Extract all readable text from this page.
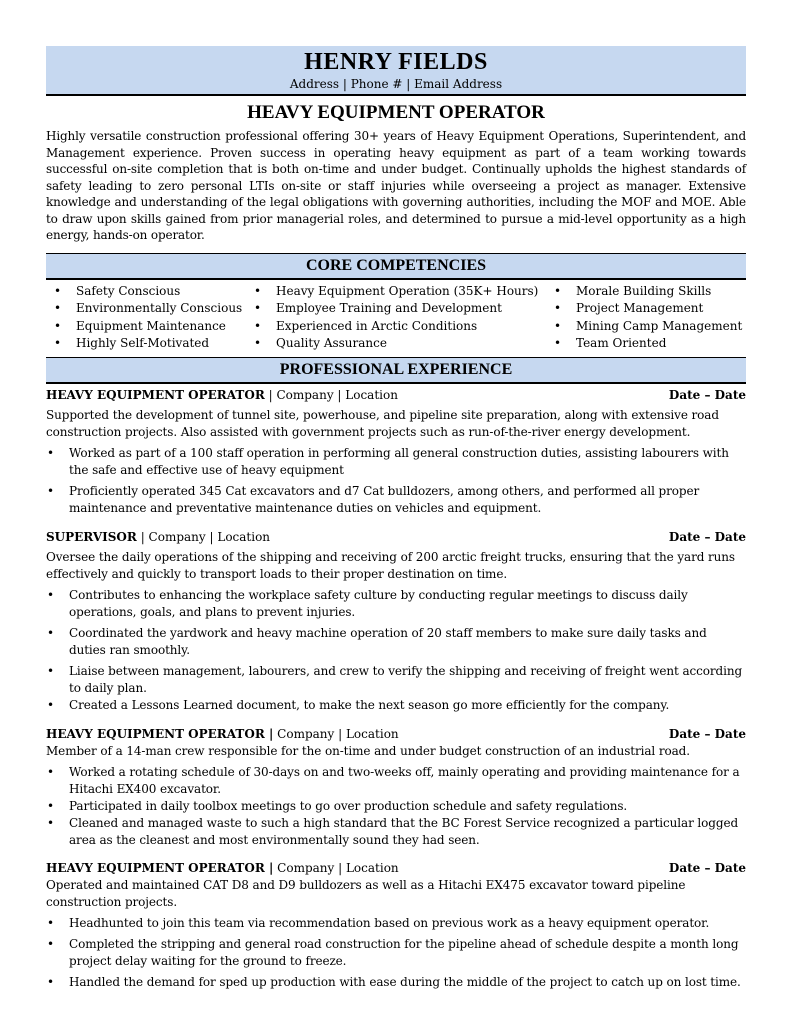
HENRY FIELDS
Address | Phone # | Email Address
HEAVY EQUIPMENT OPERATOR
Highly versatile construction professional offering 30+ years of Heavy Equipment Operations, Superintendent, and Management experience. Proven success in operating heavy equipment as part of a team working towards successful on-site completion that is both on-time and under budget. Continually upholds the highest standards of safety leading to zero personal LTIs on-site or staff injuries while overseeing a project as manager. Extensive knowledge and understanding of the legal obligations with governing authorities, including the MOF and MOE. Able to draw upon skills gained from prior managerial roles, and determined to pursue a mid-level opportunity as a high energy, hands-on operator.
CORE COMPETENCIES
• Safety Conscious
• Environmentally Conscious
• Equipment Maintenance
• Highly Self-Motivated
• Heavy Equipment Operation (35K+ Hours)
• Employee Training and Development
• Experienced in Arctic Conditions
• Quality Assurance
• Morale Building Skills
• Project Management
• Mining Camp Management
• Team Oriented
PROFESSIONAL EXPERIENCE
HEAVY EQUIPMENT OPERATOR | Company | Location	Date – Date
Supported the development of tunnel site, powerhouse, and pipeline site preparation, along with extensive road construction projects. Also assisted with government projects such as run-of-the-river energy development.
• Worked as part of a 100 staff operation in performing all general construction duties, assisting labourers with the safe and effective use of heavy equipment
• Proficiently operated 345 Cat excavators and d7 Cat bulldozers, among others, and performed all proper maintenance and preventative maintenance duties on vehicles and equipment.
SUPERVISOR | Company | Location	Date – Date
Oversee the daily operations of the shipping and receiving of 200 arctic freight trucks, ensuring that the yard runs effectively and quickly to transport loads to their proper destination on time.
• Contributes to enhancing the workplace safety culture by conducting regular meetings to discuss daily operations, goals, and plans to prevent injuries.
• Coordinated the yardwork and heavy machine operation of 20 staff members to make sure daily tasks and duties ran smoothly.
• Liaise between management, labourers, and crew to verify the shipping and receiving of freight went according to daily plan.
• Created a Lessons Learned document, to make the next season go more efficiently for the company.
HEAVY EQUIPMENT OPERATOR | Company | Location	Date – Date
Member of a 14-man crew responsible for the on-time and under budget construction of an industrial road.
• Worked a rotating schedule of 30-days on and two-weeks off, mainly operating and providing maintenance for a Hitachi EX400 excavator.
• Participated in daily toolbox meetings to go over production schedule and safety regulations.
• Cleaned and managed waste to such a high standard that the BC Forest Service recognized a particular logged area as the cleanest and most environmentally sound they had seen.
HEAVY EQUIPMENT OPERATOR | Company | Location	Date – Date
Operated and maintained CAT D8 and D9 bulldozers as well as a Hitachi EX475 excavator toward pipeline construction projects.
• Headhunted to join this team via recommendation based on previous work as a heavy equipment operator.
• Completed the stripping and general road construction for the pipeline ahead of schedule despite a month long project delay waiting for the ground to freeze.
• Handled the demand for sped up production with ease during the middle of the project to catch up on lost time.
